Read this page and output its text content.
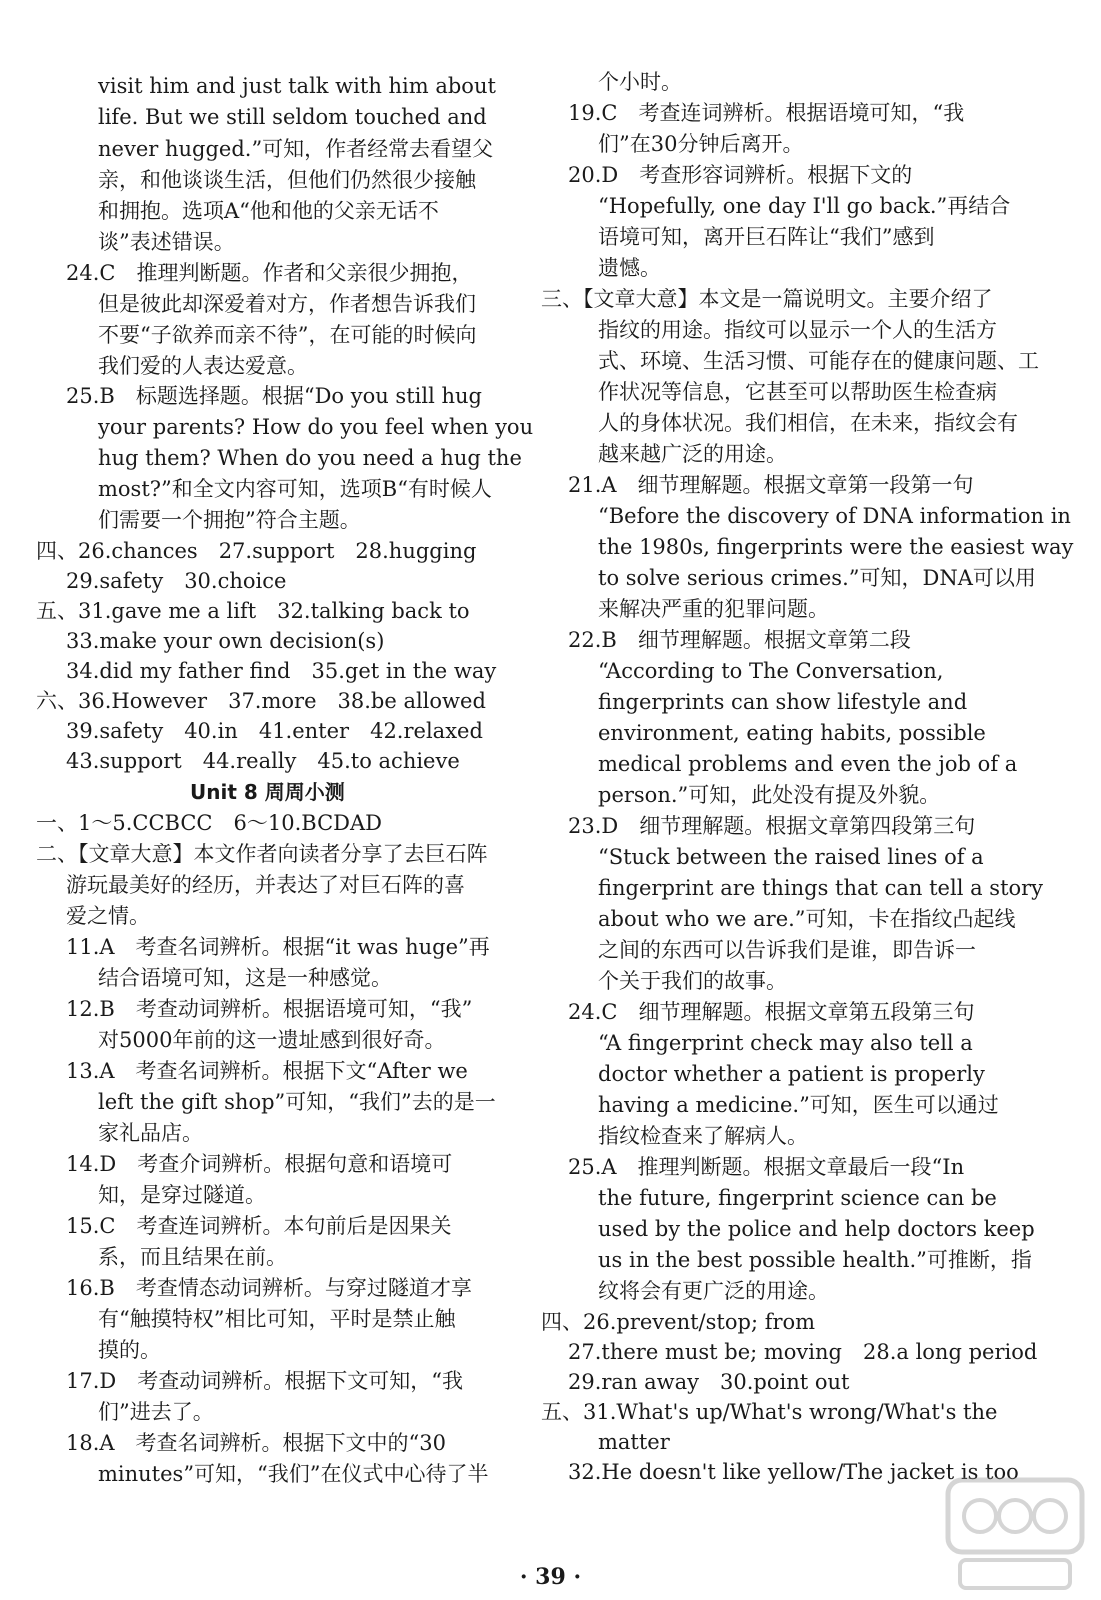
visit him and just talk with him about
life. But we still seldom touched and
never hugged.”可知，作者经常去看望父
亲，和他谈谈生活，但他们仍然很少接触
和拥抱。选项A“他和他的父亲无话不
谈”表述错误。
24.C　推理判断题。作者和父亲很少拥抱，
但是彼此却深爱着对方，作者想告诉我们
不要“子欲养而亲不待”，在可能的时候向
我们爱的人表达爱意。
25.B　标题选择题。根据“Do you still hug
your parents? How do you feel when you
hug them? When do you need a hug the
most?”和全文内容可知，选项B“有时候人
们需要一个拥抱”符合主题。
四、26.chances　27.support　28.hugging
29.safety　30.choice
五、31.gave me a lift　32.talking back to
33.make your own decision(s)
34.did my father find　35.get in the way
六、36.However　37.more　38.be allowed
39.safety　40.in　41.enter　42.relaxed
43.support　44.really　45.to achieve
Unit 8 周周小测
一、1～5.CCBCC　6～10.BCDAD
二、【文章大意】本文作者向读者分享了去巨石阵
游玩最美好的经历，并表达了对巨石阵的喜
爱之情。
11.A　考查名词辨析。根据“it was huge”再
结合语境可知，这是一种感觉。
12.B　考查动词辨析。根据语境可知，“我”
对5000年前的这一遗址感到很好奇。
13.A　考查名词辨析。根据下文“After we
left the gift shop”可知，“我们”去的是一
家礼品店。
14.D　考查介词辨析。根据句意和语境可
知，是穿过隧道。
15.C　考查连词辨析。本句前后是因果关
系，而且结果在前。
16.B　考查情态动词辨析。与穿过隧道才享
有“触摸特权”相比可知，平时是禁止触
摸的。
17.D　考查动词辨析。根据下文可知，“我
们”进去了。
18.A　考查名词辨析。根据下文中的“30
minutes”可知，“我们”在仪式中心待了半
个小时。
19.C　考查连词辨析。根据语境可知，“我
们”在30分钟后离开。
20.D　考查形容词辨析。根据下文的
“Hopefully, one day I'll go back.”再结合
语境可知，离开巨石阵让“我们”感到
遗憾。
三、【文章大意】本文是一篇说明文。主要介绍了
指纹的用途。指纹可以显示一个人的生活方
式、环境、生活习惯、可能存在的健康问题、工
作状况等信息，它甚至可以帮助医生检查病
人的身体状况。我们相信，在未来，指纹会有
越来越广泛的用途。
21.A　细节理解题。根据文章第一段第一句
“Before the discovery of DNA information in
the 1980s, fingerprints were the easiest way
to solve serious crimes.”可知，DNA可以用
来解决严重的犯罪问题。
22.B　细节理解题。根据文章第二段
“According to The Conversation,
fingerprints can show lifestyle and
environment, eating habits, possible
medical problems and even the job of a
person.”可知，此处没有提及外貌。
23.D　细节理解题。根据文章第四段第三句
“Stuck between the raised lines of a
fingerprint are things that can tell a story
about who we are.”可知，卡在指纹凸起线
之间的东西可以告诉我们是谁，即告诉一
个关于我们的故事。
24.C　细节理解题。根据文章第五段第三句
“A fingerprint check may also tell a
doctor whether a patient is properly
having a medicine.”可知，医生可以通过
指纹检查来了解病人。
25.A　推理判断题。根据文章最后一段“In
the future, fingerprint science can be
used by the police and help doctors keep
us in the best possible health.”可推断，指
纹将会有更广泛的用途。
四、26.prevent/stop; from
27.there must be; moving　28.a long period
29.ran away　30.point out
五、31.What's up/What's wrong/What's the
matter
32.He doesn't like yellow/The jacket is too
· 39 ·
